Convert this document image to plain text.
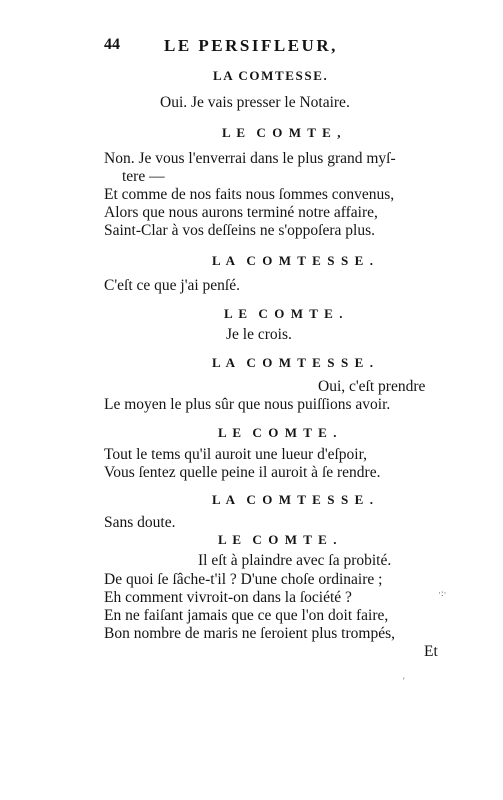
44	LE PERSIFLEUR,
LA COMTESSE.
Oui. Je vais presser le Notaire.
L E  C O M T E ,
Non. Je vous l'enverrai dans le plus grand myſ-
tere —
Et comme de nos faits nous ſommes convenus,
Alors que nous aurons terminé notre affaire,
Saint-Clar à vos deſſeins ne s'oppoſera plus.
L A  C O M T E S S E .
C'eſt ce que j'ai penſé.
L E  C O M T E .
Je le crois.
L A  C O M T E S S E .
Oui, c'eſt prendre
Le moyen le plus sûr que nous puiſſions avoir.
L E  C O M T E .
Tout le tems qu'il auroit une lueur d'eſpoir,
Vous ſentez quelle peine il auroit à ſe rendre.
L A  C O M T E S S E .
Sans doute.
L E  C O M T E .
Il eſt à plaindre avec ſa probité.
De quoi ſe ſâche-t'il ? D'une choſe ordinaire ;
Eh comment vivroit-on dans la ſociété ?
En ne faiſant jamais que ce que l'on doit faire,
Bon nombre de maris ne ſeroient plus trompés,
Et
·:·
'
